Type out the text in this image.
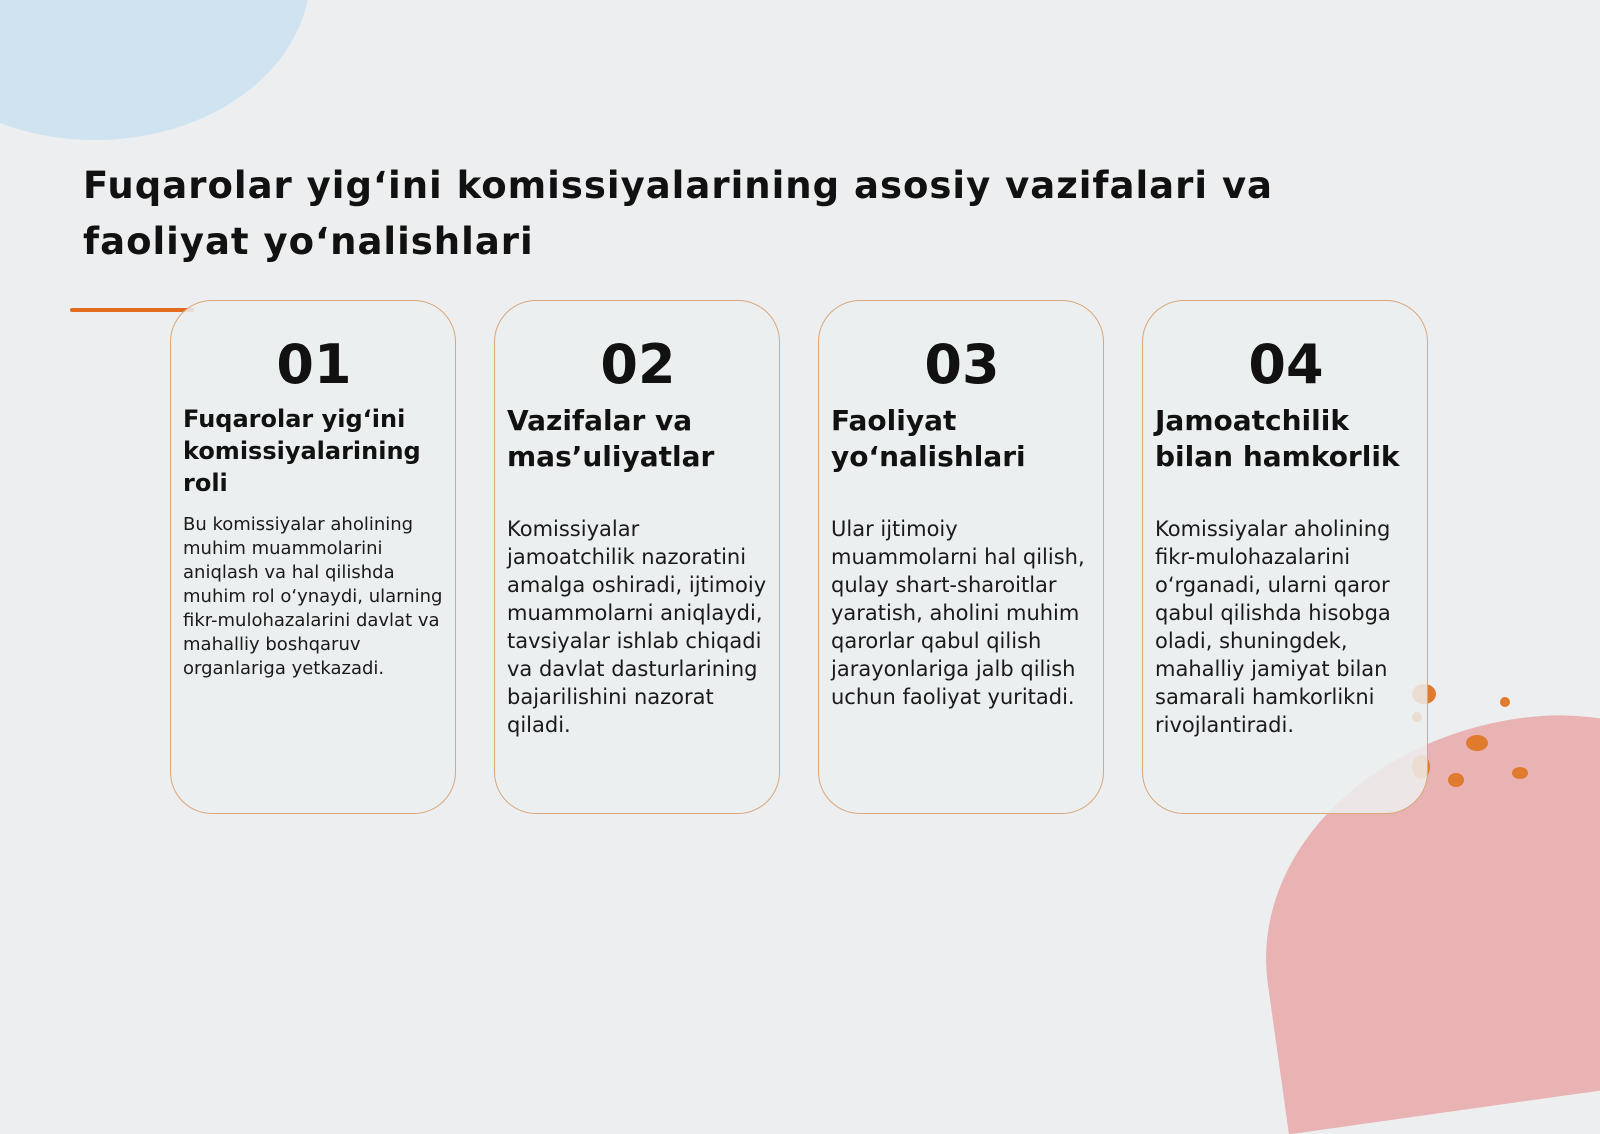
Fuqarolar yig‘ini komissiyalarining asosiy vazifalari va faoliyat yo‘nalishlari
01
Fuqarolar yig‘ini komissiyalarining roli
Bu komissiyalar aholining muhim muammolarini aniqlash va hal qilishda muhim rol o‘ynaydi, ularning fikr-mulohazalarini davlat va mahalliy boshqaruv organlariga yetkazadi.
02
Vazifalar va mas’uliyatlar
Komissiyalar jamoatchilik nazoratini amalga oshiradi, ijtimoiy muammolarni aniqlaydi, tavsiyalar ishlab chiqadi va davlat dasturlarining bajarilishini nazorat qiladi.
03
Faoliyat yo‘nalishlari
Ular ijtimoiy muammolarni hal qilish, qulay shart-sharoitlar yaratish, aholini muhim qarorlar qabul qilish jarayonlariga jalb qilish uchun faoliyat yuritadi.
04
Jamoatchilik bilan hamkorlik
Komissiyalar aholining fikr-mulohazalarini o‘rganadi, ularni qaror qabul qilishda hisobga oladi, shuningdek, mahalliy jamiyat bilan samarali hamkorlikni rivojlantiradi.
